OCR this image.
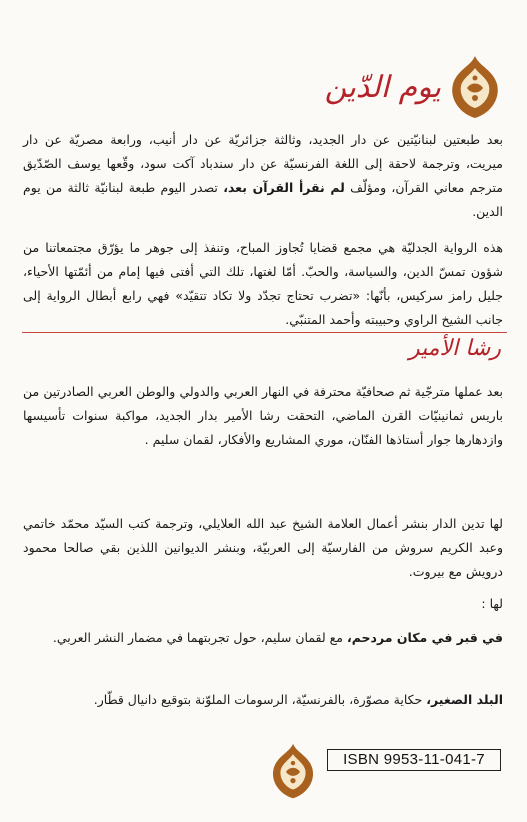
يوم الدّين

بعد طبعتين لبنانيّتين عن دار الجديد، وثالثة جزائريّة عن دار أنيب، ورابعة مصريّة عن دار ميريت، وترجمة لاحقة إلى اللغة الفرنسيّة عن دار سندباد آكت سود، وقّعها يوسف الصّدّيق مترجم معاني القرآن، ومؤلّف لم نقرأ القرآن بعد، تصدر اليوم طبعة لبنانيّة ثالثة من يوم الدين.

هذه الرواية الجدليّة هي مجمع قضايا تُجاوز المباح، وتنفذ إلى جوهر ما يؤرّق مجتمعاتنا من شؤون تمسّ الدين، والسياسة، والحبّ. أمّا لغتها، تلك التي أفتى فيها إمام من أئمّتها الأحياء، جليل رامز سركيس، بأنّها: «تضرب تحتاج تجدّد ولا تكاد تتقيّد» فهي رابع أبطال الرواية إلى جانب الشيخ الراوي وحبيبته وأحمد المتنبّي.

رشا الأمير

بعد عملها مترجّية ثم صحافيّة محترفة في النهار العربي والدولي والوطن العربي الصادرتين من باريس ثمانينيّات القرن الماضي، التحقت رشا الأمير بدار الجديد، مواكبة سنوات تأسيسها وازدهارها جوار أستاذها الفنّان، موري المشاريع والأفكار، لقمان سليم .

لها تدين الدار بنشر أعمال العلامة الشيخ عبد الله العلايلي، وترجمة كتب السيّد محمّد خاتمي وعبد الكريم سروش من الفارسيّة إلى العربيّة، وبنشر الديوانين اللذين بقي صالحا محمود درويش مع بيروت.

لها :

في قبر في مكان مردحم، مع لقمان سليم، حول تجربتهما في مضمار النشر العربي.

البلد الصغير، حكاية مصوّرة، بالفرنسيّة، الرسومات الملوّنة بتوقيع دانيال قطّار.

ISBN 9953-11-041-7
